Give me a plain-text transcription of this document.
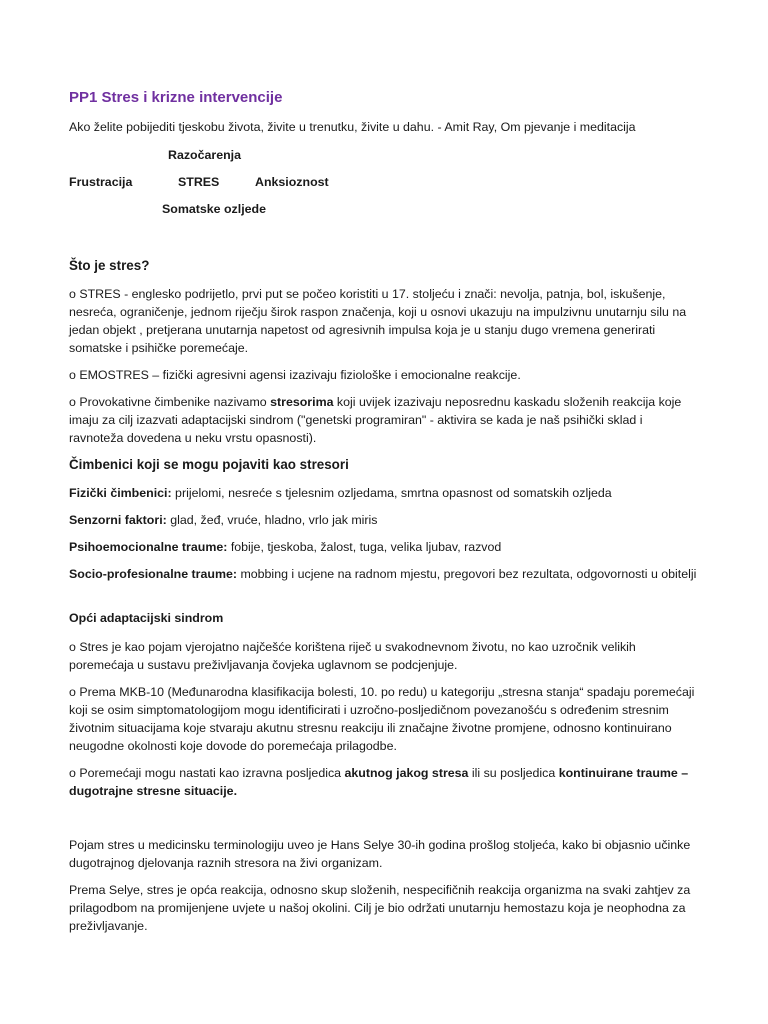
PP1 Stres i krizne intervencije
Ako želite pobijediti tjeskobu života, živite u trenutku, živite u dahu. - Amit Ray, Om pjevanje i meditacija
Razočarenja
Frustracija	STRES	Anksioznost
Somatske ozljede
Što je stres?
o STRES - englesko podrijetlo, prvi put se počeo koristiti u 17. stoljeću i znači: nevolja, patnja, bol, iskušenje, nesreća, ograničenje, jednom riječju širok raspon značenja, koji u osnovi ukazuju na impulzivnu unutarnju silu na jedan objekt , pretjerana unutarnja napetost od agresivnih impulsa koja je u stanju dugo vremena generirati somatske i psihičke poremećaje.
o EMOSTRES – fizički agresivni agensi izazivaju fiziološke i emocionalne reakcije.
o Provokativne čimbenike nazivamo stresorima koji uvijek izazivaju neposrednu kaskadu složenih reakcija koje imaju za cilj izazvati adaptacijski sindrom ("genetski programiran" - aktivira se kada je naš psihički sklad i ravnoteža dovedena u neku vrstu opasnosti).
Čimbenici koji se mogu pojaviti kao stresori
Fizički čimbenici: prijelomi, nesreće s tjelesnim ozljedama, smrtna opasnost od somatskih ozljeda
Senzorni faktori: glad, žeđ, vruće, hladno, vrlo jak miris
Psihoemocionalne traume: fobije, tjeskoba, žalost, tuga, velika ljubav, razvod
Socio-profesionalne traume: mobbing i ucjene na radnom mjestu, pregovori bez rezultata, odgovornosti u obitelji
Opći adaptacijski sindrom
o Stres je kao pojam vjerojatno najčešće korištena riječ u svakodnevnom životu, no kao uzročnik velikih poremećaja u sustavu preživljavanja čovjeka uglavnom se podcjenjuje.
o Prema MKB-10 (Međunarodna klasifikacija bolesti, 10. po redu) u kategoriju „stresna stanja“ spadaju poremećaji koji se osim simptomatologijom mogu identificirati i uzročno-posljedičnom povezanošću s određenim stresnim životnim situacijama koje stvaraju akutnu stresnu reakciju ili značajne životne promjene, odnosno kontinuirano neugodne okolnosti koje dovode do poremećaja prilagodbe.
o Poremećaji mogu nastati kao izravna posljedica akutnog jakog stresa ili su posljedica kontinuirane traume – dugotrajne stresne situacije.
Pojam stres u medicinsku terminologiju uveo je Hans Selye 30-ih godina prošlog stoljeća, kako bi objasnio učinke dugotrajnog djelovanja raznih stresora na živi organizam.
Prema Selye, stres je opća reakcija, odnosno skup složenih, nespecifičnih reakcija organizma na svaki zahtjev za prilagodbom na promijenjene uvjete u našoj okolini. Cilj je bio održati unutarnju hemostazu koja je neophodna za preživljavanje.
